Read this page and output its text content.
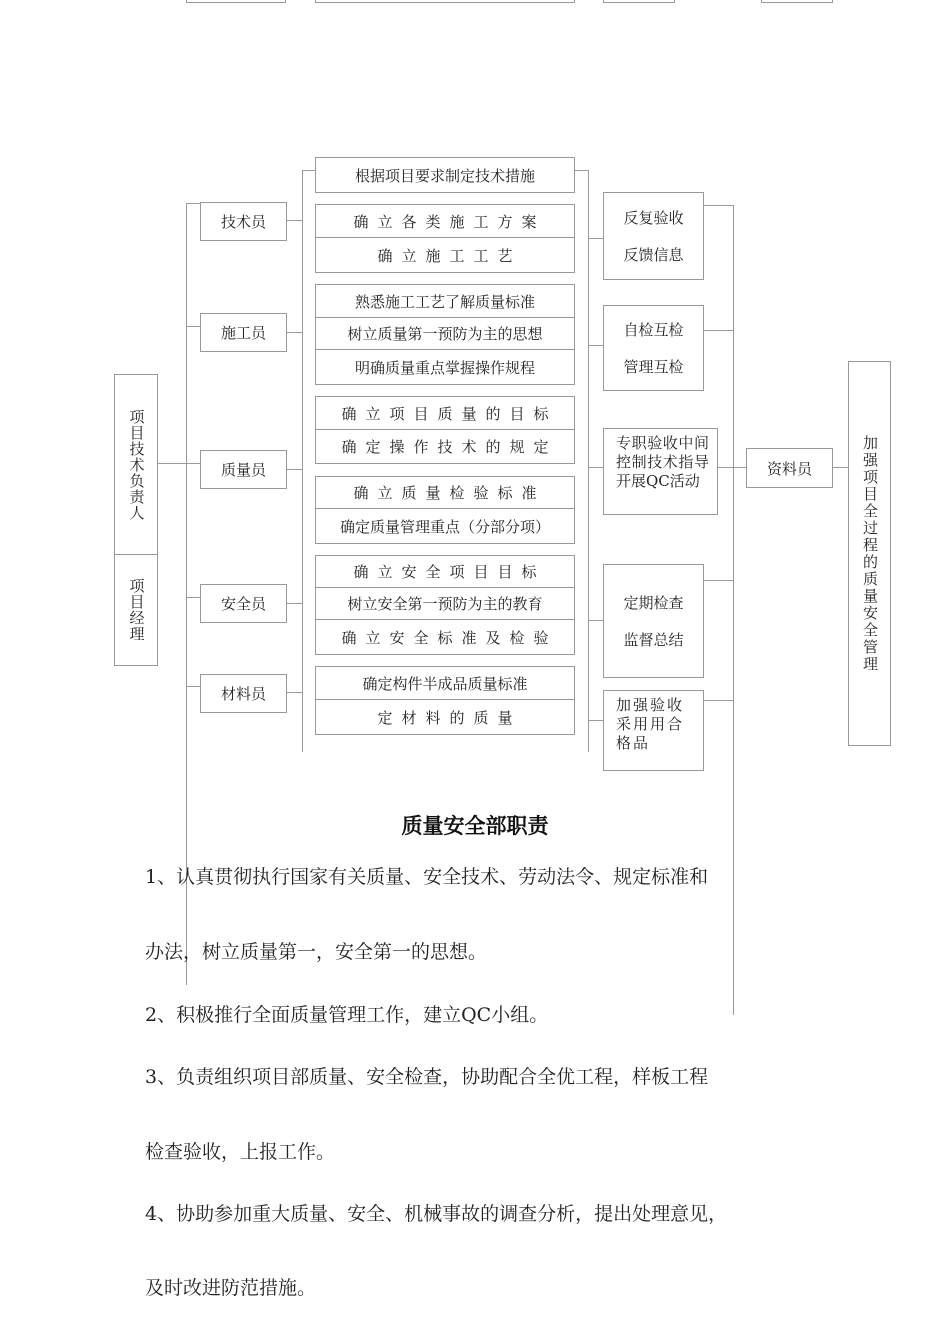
项目技术负责人
项目经理
技术员
施工员
质量员
安全员
材料员
根据项目要求制定技术措施
确立各类施工方案
确立施工工艺
熟悉施工工艺了解质量标准
树立质量第一预防为主的思想
明确质量重点掌握操作规程
确立项目质量的目标
确定操作技术的规定
确立质量检验标准
确定质量管理重点（分部分项）
确立安全项目目标
树立安全第一预防为主的教育
确立安全标准及检验
确定构件半成品质量标准
定材料的质量
反复验收
反馈信息
自检互检
管理互检
专职验收中间控制技术指导开展QC活动
定期检查
监督总结
加强验收采用用合格品
资料员	加强项目全过程的质量安全管理
质量安全部职责
1、认真贯彻执行国家有关质量、安全技术、劳动法令、规定标准和
办法，树立质量第一，安全第一的思想。
2、积极推行全面质量管理工作，建立QC小组。
3、负责组织项目部质量、安全检查，协助配合全优工程，样板工程
检查验收，上报工作。
4、协助参加重大质量、安全、机械事故的调查分析，提出处理意见，
及时改进防范措施。
